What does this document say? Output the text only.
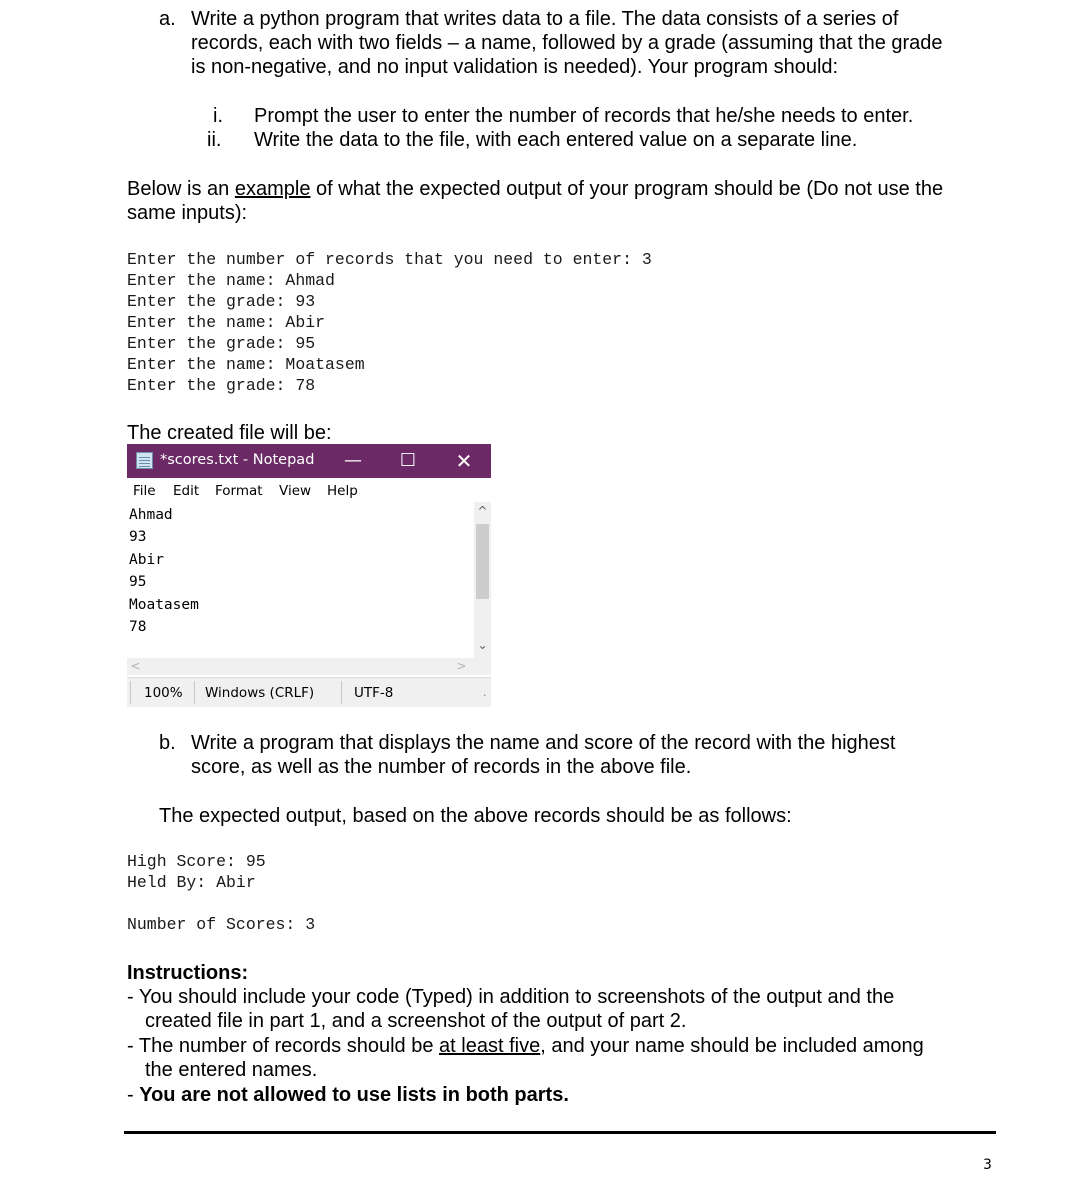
a. Write a python program that writes data to a file. The data consists of a series of
records, each with two fields – a name, followed by a grade (assuming that the grade
is non-negative, and no input validation is needed). Your program should:
i. Prompt the user to enter the number of records that he/she needs to enter.
ii. Write the data to the file, with each entered value on a separate line.
Below is an example of what the expected output of your program should be (Do not use the
same inputs):
Enter the number of records that you need to enter: 3
Enter the name: Ahmad
Enter the grade: 93
Enter the name: Abir
Enter the grade: 95
Enter the name: Moatasem
Enter the grade: 78
The created file will be:
*scores.txt - Notepad	—	☐	✕
File Edit Format View Help
Ahmad
93
Abir
95
Moatasem
78
^
⌄
<	>
100% Windows (CRLF)	UTF-8	⠠
b. Write a program that displays the name and score of the record with the highest
score, as well as the number of records in the above file.
The expected output, based on the above records should be as follows:
High Score: 95
Held By: Abir
Number of Scores: 3
Instructions:
- You should include your code (Typed) in addition to screenshots of the output and the
created file in part 1, and a screenshot of the output of part 2.
- The number of records should be at least five, and your name should be included among
the entered names.
- You are not allowed to use lists in both parts.
3
